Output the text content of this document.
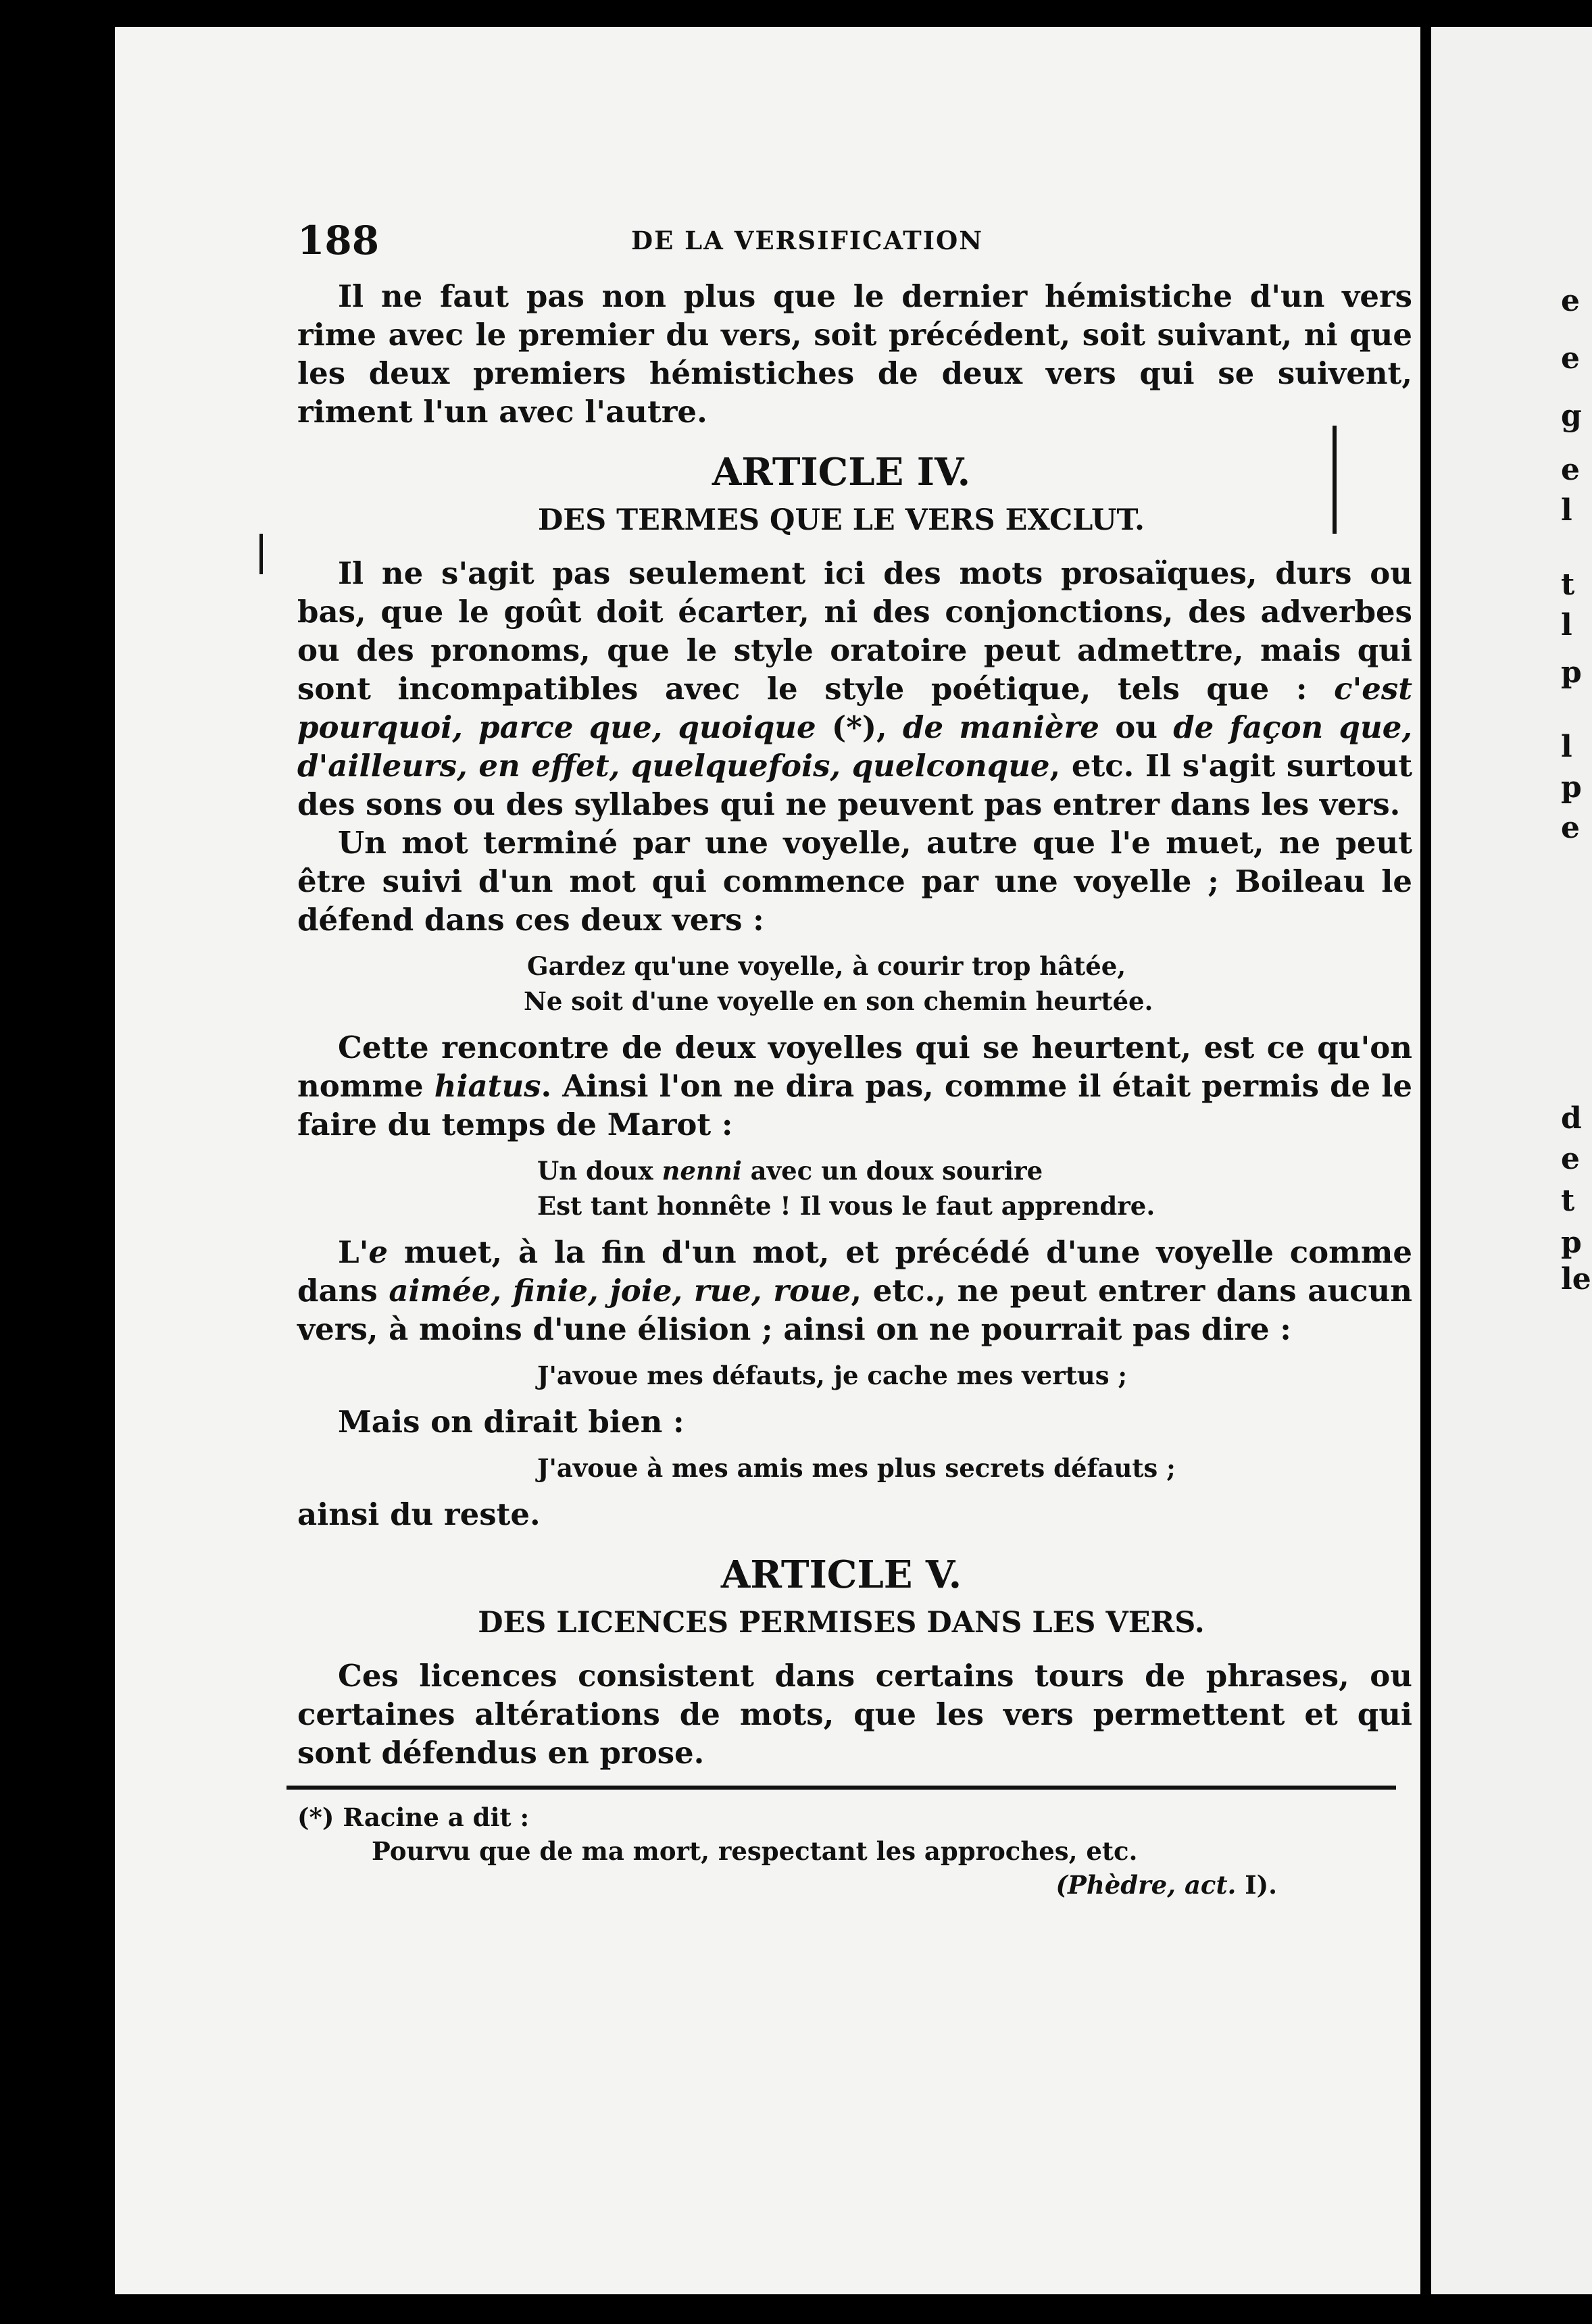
188	DE LA VERSIFICATION

Il ne faut pas non plus que le dernier hémistiche d'un vers rime avec le premier du vers, soit précédent, soit suivant, ni que les deux premiers hémistiches de deux vers qui se suivent, riment l'un avec l'autre.

ARTICLE IV.
DES TERMES QUE LE VERS EXCLUT.

Il ne s'agit pas seulement ici des mots prosaïques, durs ou bas, que le goût doit écarter, ni des conjonctions, des adverbes ou des pronoms, que le style oratoire peut admettre, mais qui sont incompatibles avec le style poétique, tels que : c'est pourquoi, parce que, quoique (*), de manière ou de façon que, d'ailleurs, en effet, quelquefois, quelconque, etc. Il s'agit surtout des sons ou des syllabes qui ne peuvent pas entrer dans les vers.

Un mot terminé par une voyelle, autre que l'e muet, ne peut être suivi d'un mot qui commence par une voyelle ; Boileau le défend dans ces deux vers :

Gardez qu'une voyelle, à courir trop hâtée,
Ne soit d'une voyelle en son chemin heurtée.

Cette rencontre de deux voyelles qui se heurtent, est ce qu'on nomme hiatus. Ainsi l'on ne dira pas, comme il était permis de le faire du temps de Marot :

Un doux nenni avec un doux sourire
Est tant honnête ! Il vous le faut apprendre.

L'e muet, à la fin d'un mot, et précédé d'une voyelle comme dans aimée, finie, joie, rue, roue, etc., ne peut entrer dans aucun vers, à moins d'une élision ; ainsi on ne pourrait pas dire :

J'avoue mes défauts, je cache mes vertus ;

Mais on dirait bien :

J'avoue à mes amis mes plus secrets défauts ;

ainsi du reste.

ARTICLE V.
DES LICENCES PERMISES DANS LES VERS.

Ces licences consistent dans certains tours de phrases, ou certaines altérations de mots, que les vers permettent et qui sont défendus en prose.

(*) Racine a dit :
Pourvu que de ma mort, respectant les approches, etc.
(Phèdre, act. I).
e
e
g
e
l
t
l
p
l
p
e
d
e
t
p
le
